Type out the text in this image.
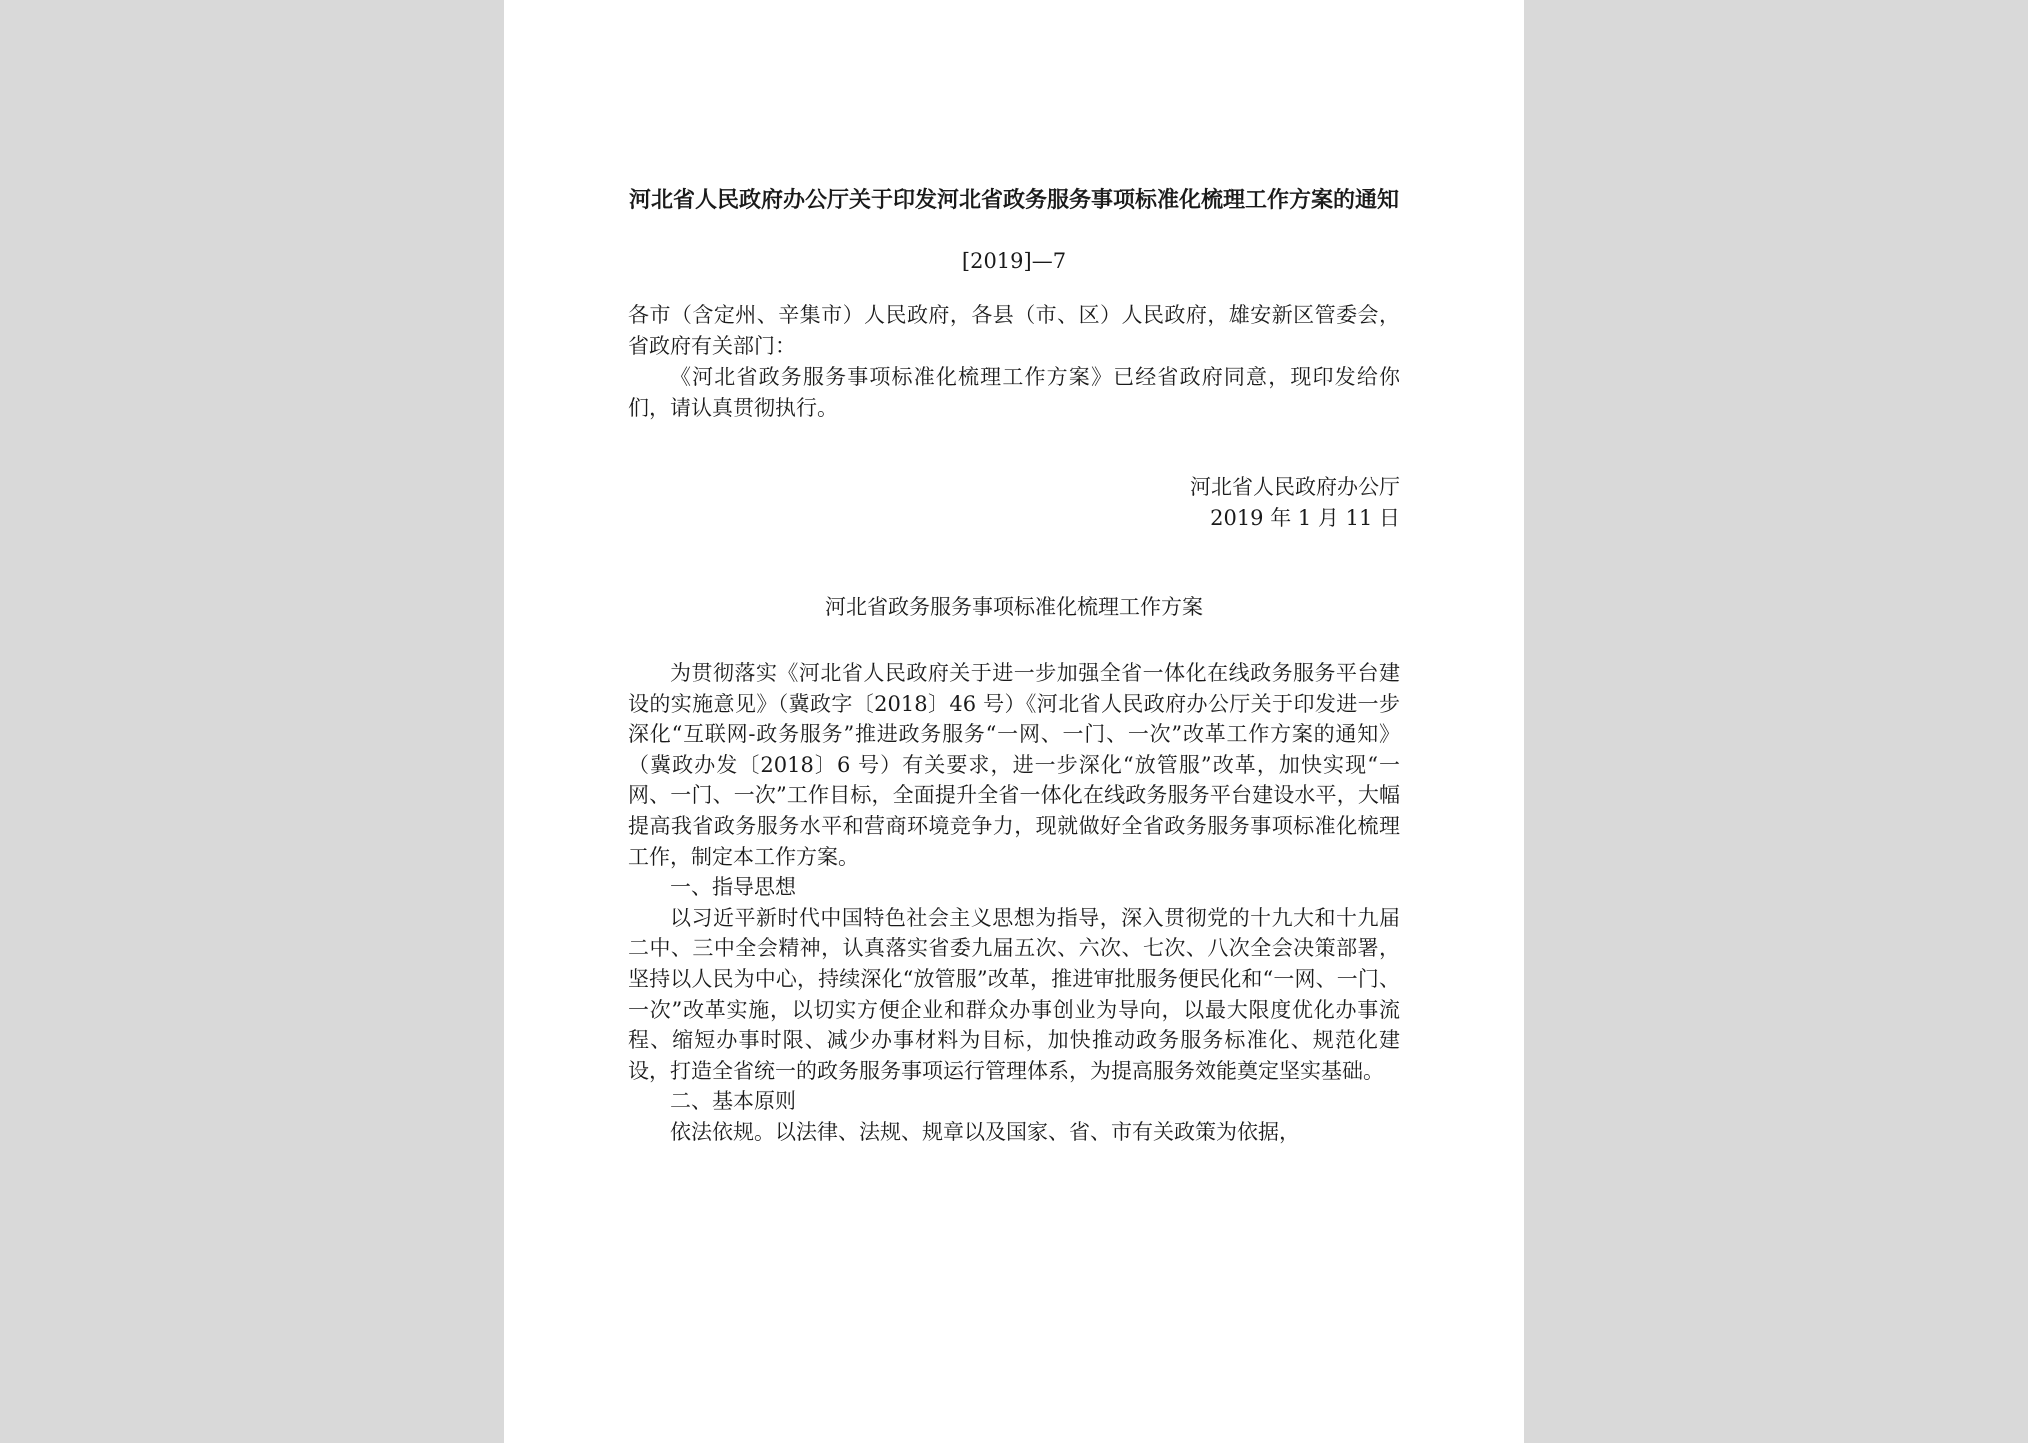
河北省人民政府办公厅关于印发河北省政务服务事项标准化梳理工作方案的通知
[2019]—7
各市（含定州、辛集市）人民政府，各县（市、区）人民政府，雄安新区管委会，省政府有关部门：
《河北省政务服务事项标准化梳理工作方案》已经省政府同意，现印发给你们，请认真贯彻执行。
河北省人民政府办公厅
2019 年 1 月 11 日
河北省政务服务事项标准化梳理工作方案
为贯彻落实《河北省人民政府关于进一步加强全省一体化在线政务服务平台建设的实施意见》（冀政字〔2018〕46 号）《河北省人民政府办公厅关于印发进一步深化“互联网-政务服务”推进政务服务“一网、一门、一次”改革工作方案的通知》（冀政办发〔2018〕6 号）有关要求，进一步深化“放管服”改革，加快实现“一网、一门、一次”工作目标，全面提升全省一体化在线政务服务平台建设水平，大幅提高我省政务服务水平和营商环境竞争力，现就做好全省政务服务事项标准化梳理工作，制定本工作方案。
一、指导思想
以习近平新时代中国特色社会主义思想为指导，深入贯彻党的十九大和十九届二中、三中全会精神，认真落实省委九届五次、六次、七次、八次全会决策部署，坚持以人民为中心，持续深化“放管服”改革，推进审批服务便民化和“一网、一门、一次”改革实施，以切实方便企业和群众办事创业为导向，以最大限度优化办事流程、缩短办事时限、减少办事材料为目标，加快推动政务服务标准化、规范化建设，打造全省统一的政务服务事项运行管理体系，为提高服务效能奠定坚实基础。
二、基本原则
依法依规。以法律、法规、规章以及国家、省、市有关政策为依据，
